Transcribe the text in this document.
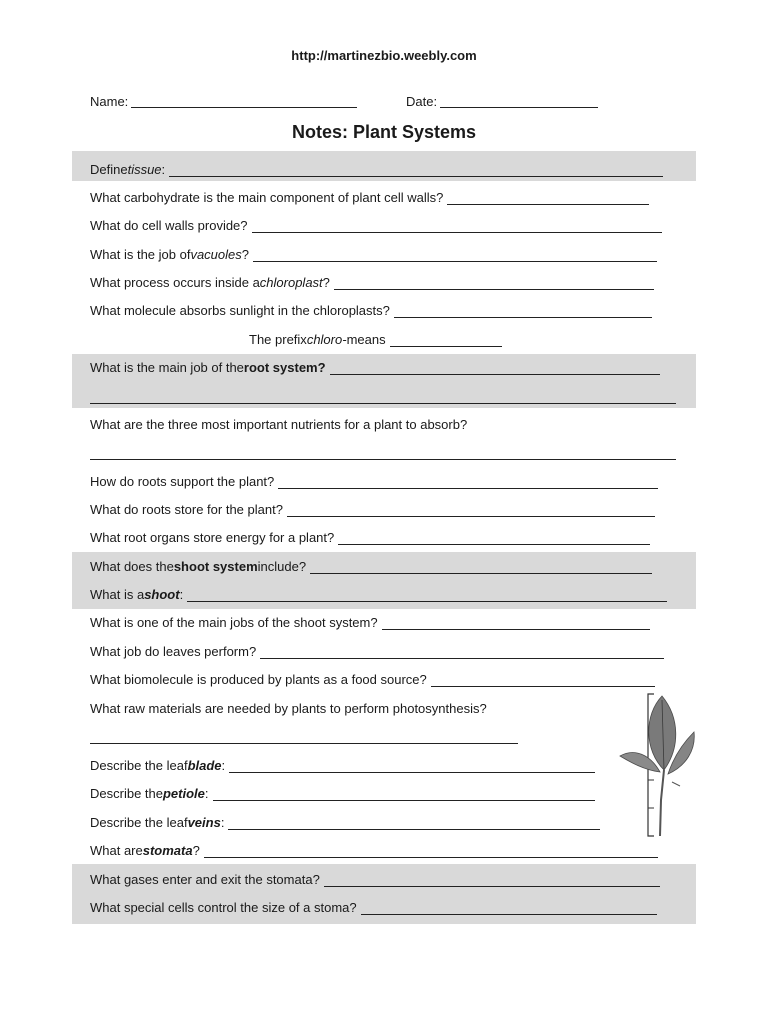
http://martinezbio.weebly.com
Name:	Date:
Notes: Plant Systems
Define tissue :
What carbohydrate is the main component of plant cell walls?
What do cell walls provide?
What is the job of vacuoles ?
What process occurs inside a chloroplast ?
What molecule absorbs sunlight in the chloroplasts?
The prefix chloro- means
What is the main job of the root system?
What are the three most important nutrients for a plant to absorb?
How do roots support the plant?
What do roots store for the plant?
What root organs store energy for a plant?
What does the shoot system include?
What is a shoot :
What is one of the main jobs of the shoot system?
What job do leaves perform?
What biomolecule is produced by plants as a food source?
What raw materials are needed by plants to perform photosynthesis?
Describe the leaf blade :
Describe the petiole :
Describe the leaf veins :
What are stomata ?
What gases enter and exit the stomata?
What special cells control the size of a stoma?
